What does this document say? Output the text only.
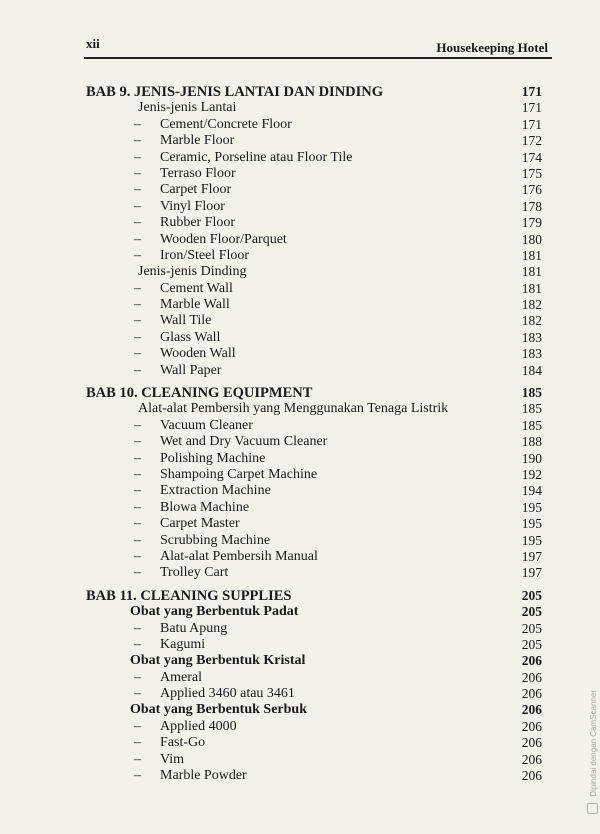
xii	Housekeeping Hotel
BAB 9. JENIS-JENIS LANTAI DAN DINDING	171
Jenis-jenis Lantai	171
– Cement/Concrete Floor	171
– Marble Floor	172
– Ceramic, Porseline atau Floor Tile	174
– Terraso Floor	175
– Carpet Floor	176
– Vinyl Floor	178
– Rubber Floor	179
– Wooden Floor/Parquet	180
– Iron/Steel Floor	181
Jenis-jenis Dinding	181
– Cement Wall	181
– Marble Wall	182
– Wall Tile	182
– Glass Wall	183
– Wooden Wall	183
– Wall Paper	184
BAB 10. CLEANING EQUIPMENT	185
Alat-alat Pembersih yang Menggunakan Tenaga Listrik	185
– Vacuum Cleaner	185
– Wet and Dry Vacuum Cleaner	188
– Polishing Machine	190
– Shampoing Carpet Machine	192
– Extraction Machine	194
– Blowa Machine	195
– Carpet Master	195
– Scrubbing Machine	195
– Alat-alat Pembersih Manual	197
– Trolley Cart	197
BAB 11. CLEANING SUPPLIES	205
Obat yang Berbentuk Padat	205
– Batu Apung	205
– Kagumi	205
Obat yang Berbentuk Kristal	206
– Ameral	206
– Applied 3460 atau 3461	206
Obat yang Berbentuk Serbuk	206
– Applied 4000	206
– Fast-Go	206
– Vim	206
– Marble Powder	206	Dipindai dengan CamScanner
